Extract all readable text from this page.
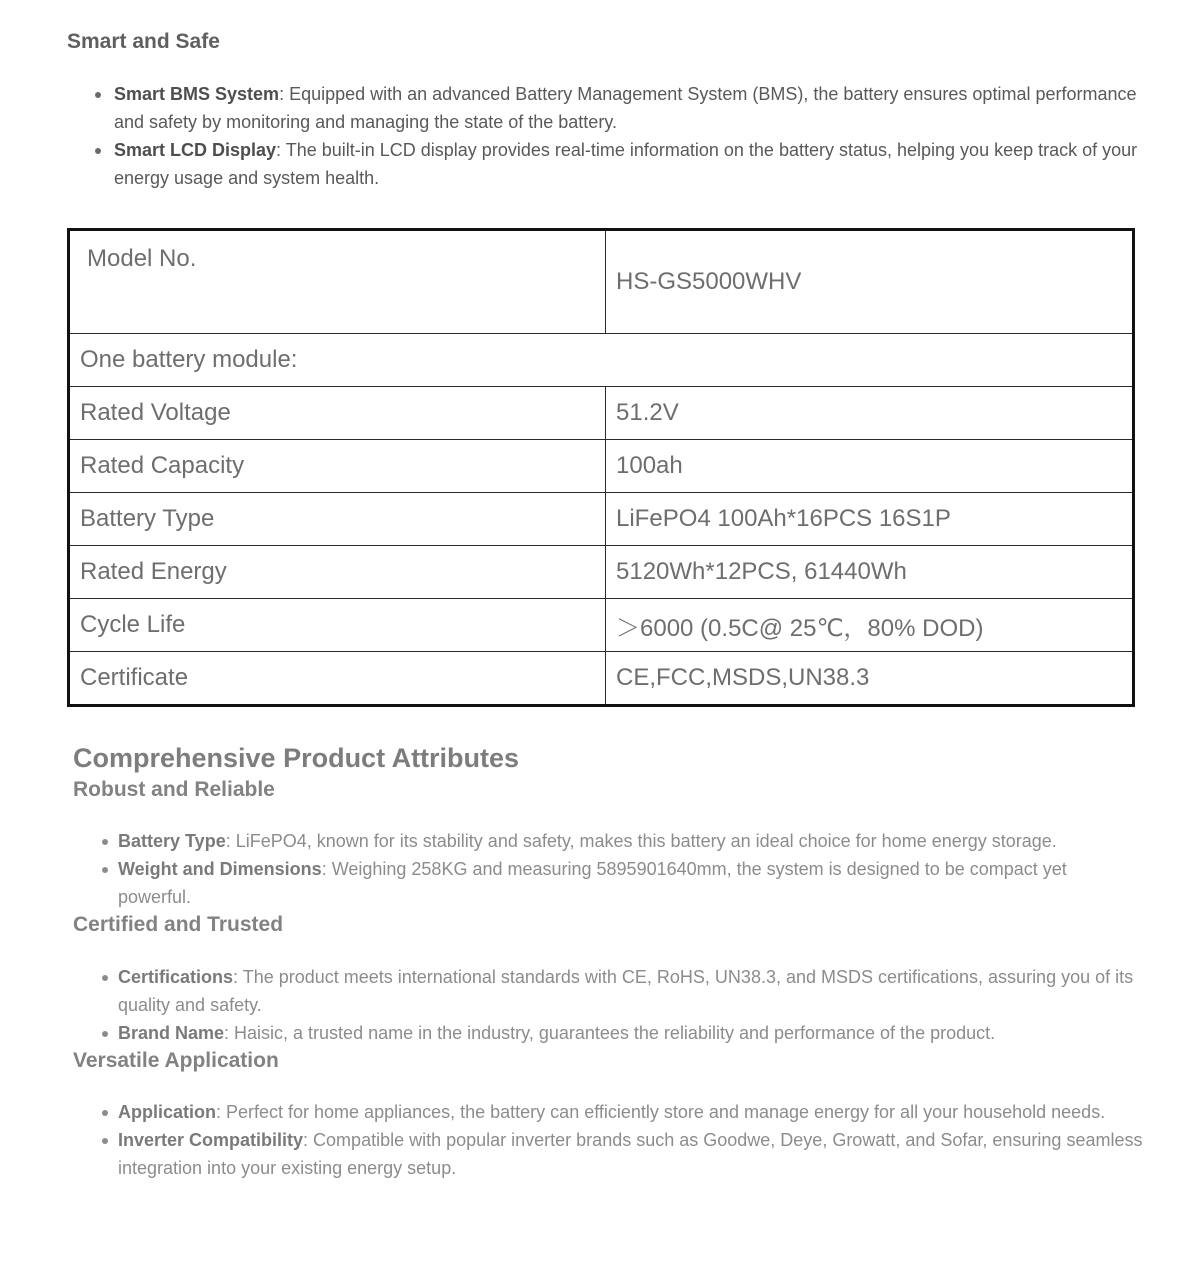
Smart and Safe
Smart BMS System: Equipped with an advanced Battery Management System (BMS), the battery ensures optimal performance and safety by monitoring and managing the state of the battery.
Smart LCD Display: The built-in LCD display provides real-time information on the battery status, helping you keep track of your energy usage and system health.
Model No.	HS-GS5000WHV
One battery module:	
Rated Voltage	51.2V
Rated Capacity	100ah
Battery Type	LiFePO4 100Ah*16PCS 16S1P
Rated Energy	5120Wh*12PCS, 61440Wh
Cycle Life	＞6000 (0.5C@ 25℃，80% DOD)
Certificate	CE,FCC,MSDS,UN38.3
Comprehensive Product Attributes
Robust and Reliable
Battery Type: LiFePO4, known for its stability and safety, makes this battery an ideal choice for home energy storage.
Weight and Dimensions: Weighing 258KG and measuring 5895901640mm, the system is designed to be compact yet powerful.
Certified and Trusted
Certifications: The product meets international standards with CE, RoHS, UN38.3, and MSDS certifications, assuring you of its quality and safety.
Brand Name: Haisic, a trusted name in the industry, guarantees the reliability and performance of the product.
Versatile Application
Application: Perfect for home appliances, the battery can efficiently store and manage energy for all your household needs.
Inverter Compatibility: Compatible with popular inverter brands such as Goodwe, Deye, Growatt, and Sofar, ensuring seamless integration into your existing energy setup.
